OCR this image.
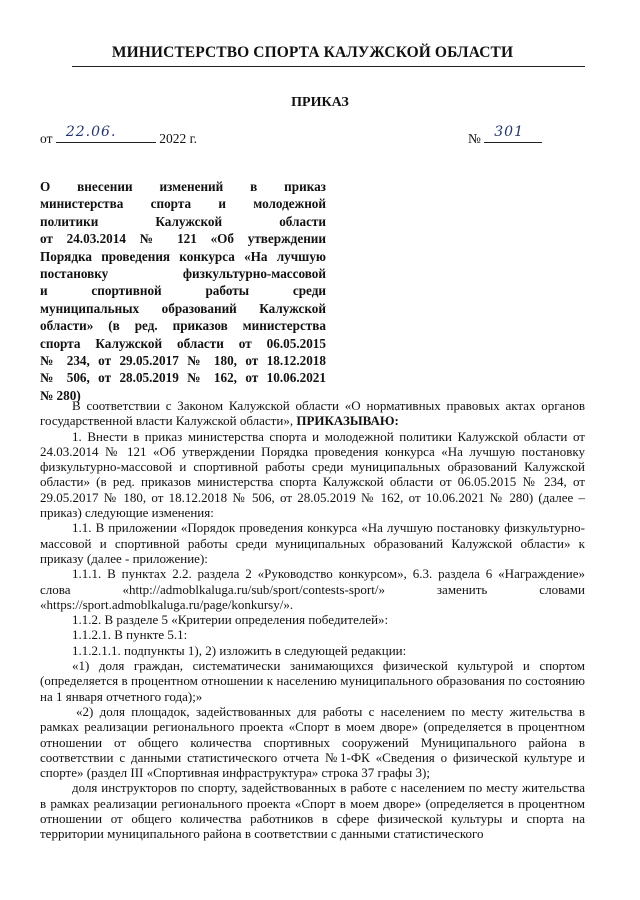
МИНИСТЕРСТВО СПОРТА КАЛУЖСКОЙ ОБЛАСТИ
ПРИКАЗ
от 22.06.	2022 г.	№ 301
О внесении изменений в приказ
министерства спорта и молодежной
политики Калужской области
от 24.03.2014 № 121 «Об утверждении
Порядка проведения конкурса «На лучшую
постановку физкультурно-массовой
и спортивной работы среди
муниципальных образований Калужской
области» (в ред. приказов министерства
спорта Калужской области от 06.05.2015
№ 234, от 29.05.2017 № 180, от 18.12.2018
№ 506, от 28.05.2019 № 162, от 10.06.2021
№ 280)

В соответствии с Законом Калужской области «О нормативных правовых актах органов государственной власти Калужской области», ПРИКАЗЫВАЮ:

1. Внести в приказ министерства спорта и молодежной политики Калужской области от 24.03.2014 № 121 «Об утверждении Порядка проведения конкурса «На лучшую постановку физкультурно-массовой и спортивной работы среди муниципальных образований Калужской области» (в ред. приказов министерства спорта Калужской области от 06.05.2015 № 234, от 29.05.2017 № 180, от 18.12.2018 № 506, от 28.05.2019 № 162, от 10.06.2021 № 280) (далее – приказ) следующие изменения:

1.1. В приложении «Порядок проведения конкурса «На лучшую постановку физкультурно-массовой и спортивной работы среди муниципальных образований Калужской области» к приказу (далее - приложение):

1.1.1. В пунктах 2.2. раздела 2 «Руководство конкурсом», 6.3. раздела 6 «Награждение» слова «http://admoblkaluga.ru/sub/sport/contests-sport/» заменить словами «https://sport.admoblkaluga.ru/page/konkursy/».

1.1.2. В разделе 5 «Критерии определения победителей»:

1.1.2.1. В пункте 5.1:

1.1.2.1.1. подпункты 1), 2) изложить в следующей редакции:

«1) доля граждан, систематически занимающихся физической культурой и спортом (определяется в процентном отношении к населению муниципального образования по состоянию на 1 января отчетного года);»

«2) доля площадок, задействованных для работы с населением по месту жительства в рамках реализации регионального проекта «Спорт в моем дворе» (определяется в процентном отношении от общего количества спортивных сооружений Муниципального района в соответствии с данными статистического отчета №1-ФК «Сведения о физической культуре и спорте» (раздел III «Спортивная инфраструктура» строка 37 графы 3);

доля инструкторов по спорту, задействованных в работе с населением по месту жительства в рамках реализации регионального проекта «Спорт в моем дворе» (определяется в процентном отношении от общего количества работников в сфере физической культуры и спорта на территории муниципального района в соответствии с данными статистического
